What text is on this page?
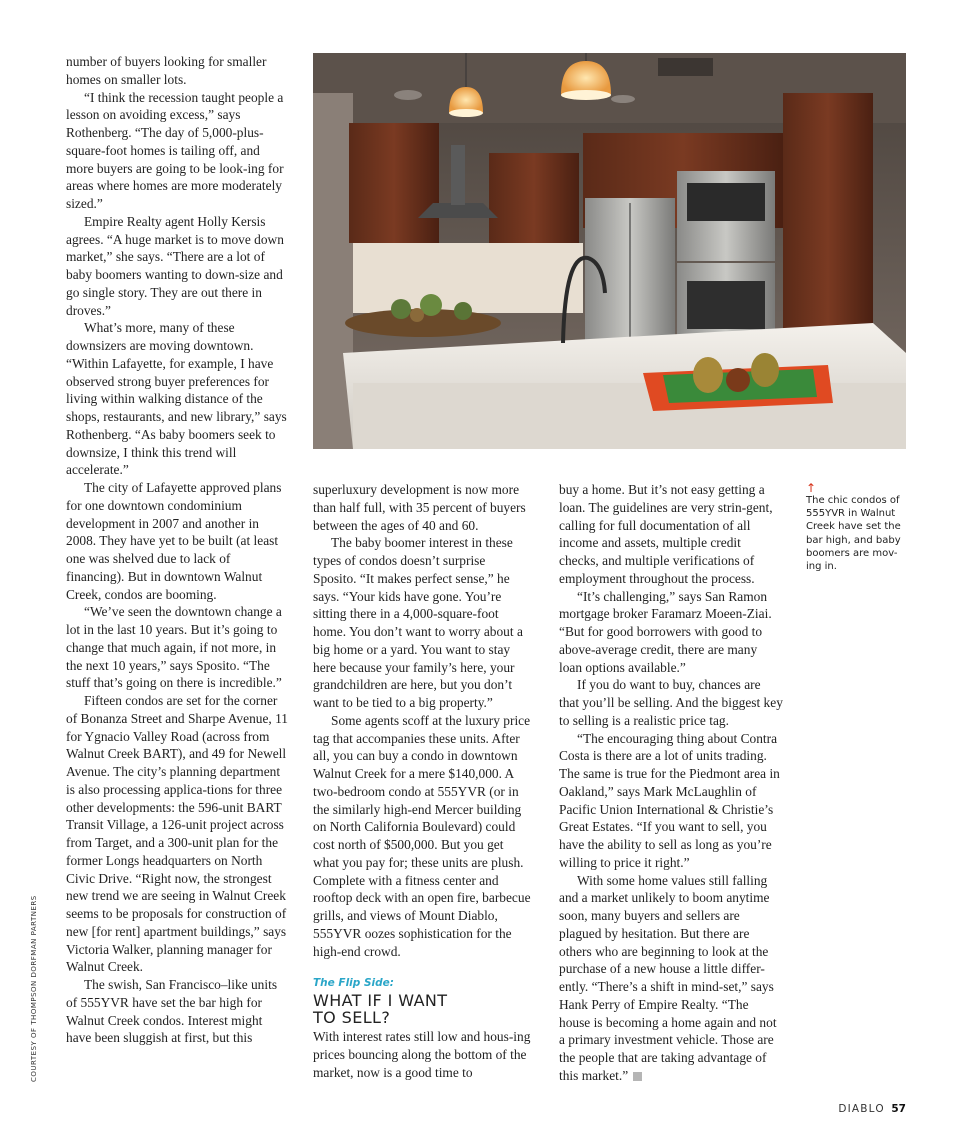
COURTESY OF THOMPSON DORFMAN PARTNERS

number of buyers looking for smaller homes on smaller lots.

“I think the recession taught people a lesson on avoiding excess,” says Rothenberg. “The day of 5,000-plus-square-foot homes is tailing off, and more buyers are going to be look-ing for areas where homes are more moderately sized.”

Empire Realty agent Holly Kersis agrees. “A huge market is to move down market,” she says. “There are a lot of baby boomers wanting to down-size and go single story. They are out there in droves.”

What’s more, many of these downsizers are moving downtown. “Within Lafayette, for example, I have observed strong buyer preferences for living within walking distance of the shops, restaurants, and new library,” says Rothenberg. “As baby boomers seek to downsize, I think this trend will accelerate.”

The city of Lafayette approved plans for one downtown condominium development in 2007 and another in 2008. They have yet to be built (at least one was shelved due to lack of financing). But in downtown Walnut Creek, condos are booming.

“We’ve seen the downtown change a lot in the last 10 years. But it’s going to change that much again, if not more, in the next 10 years,” says Sposito. “The stuff that’s going on there is incredible.”

Fifteen condos are set for the corner of Bonanza Street and Sharpe Avenue, 11 for Ygnacio Valley Road (across from Walnut Creek BART), and 49 for Newell Avenue. The city’s planning department is also processing applica-tions for three other developments: the 596-unit BART Transit Village, a 126-unit project across from Target, and a 300-unit plan for the former Longs headquarters on North Civic Drive. “Right now, the strongest new trend we are seeing in Walnut Creek seems to be proposals for construction of new [for rent] apartment buildings,” says Victoria Walker, planning manager for Walnut Creek.

The swish, San Francisco–like units of 555YVR have set the bar high for Walnut Creek condos. Interest might have been sluggish at first, but this

superluxury development is now more than half full, with 35 percent of buyers between the ages of 40 and 60.

The baby boomer interest in these types of condos doesn’t surprise Sposito. “It makes perfect sense,” he says. “Your kids have gone. You’re sitting there in a 4,000-square-foot home. You don’t want to worry about a big home or a yard. You want to stay here because your family’s here, your grandchildren are here, but you don’t want to be tied to a big property.”

Some agents scoff at the luxury price tag that accompanies these units. After all, you can buy a condo in downtown Walnut Creek for a mere $140,000. A two-bedroom condo at 555YVR (or in the similarly high-end Mercer building on North California Boulevard) could cost north of $500,000. But you get what you pay for; these units are plush. Complete with a fitness center and rooftop deck with an open fire, barbecue grills, and views of Mount Diablo, 555YVR oozes sophistication for the high-end crowd.

The Flip Side:
WHAT IF I WANT
TO SELL?

With interest rates still low and hous-ing prices bouncing along the bottom of the market, now is a good time to

buy a home. But it’s not easy getting a loan. The guidelines are very strin-gent, calling for full documentation of all income and assets, multiple credit checks, and multiple verifications of employment throughout the process.

“It’s challenging,” says San Ramon mortgage broker Faramarz Moeen-Ziai. “But for good borrowers with good to above-average credit, there are many loan options available.”

If you do want to buy, chances are that you’ll be selling. And the biggest key to selling is a realistic price tag.

“The encouraging thing about Contra Costa is there are a lot of units trading. The same is true for the Piedmont area in Oakland,” says Mark McLaughlin of Pacific Union International & Christie’s Great Estates. “If you want to sell, you have the ability to sell as long as you’re willing to price it right.”

With some home values still falling and a market unlikely to boom anytime soon, many buyers and sellers are plagued by hesitation. But there are others who are beginning to look at the purchase of a new house a little differ-ently. “There’s a shift in mind-set,” says Hank Perry of Empire Realty. “The house is becoming a home again and not a primary investment vehicle. Those are the people that are taking advantage of this market.”

↑
The chic condos of 555YVR in Walnut Creek have set the bar high, and baby boomers are mov-ing in.
DIABLO 57
